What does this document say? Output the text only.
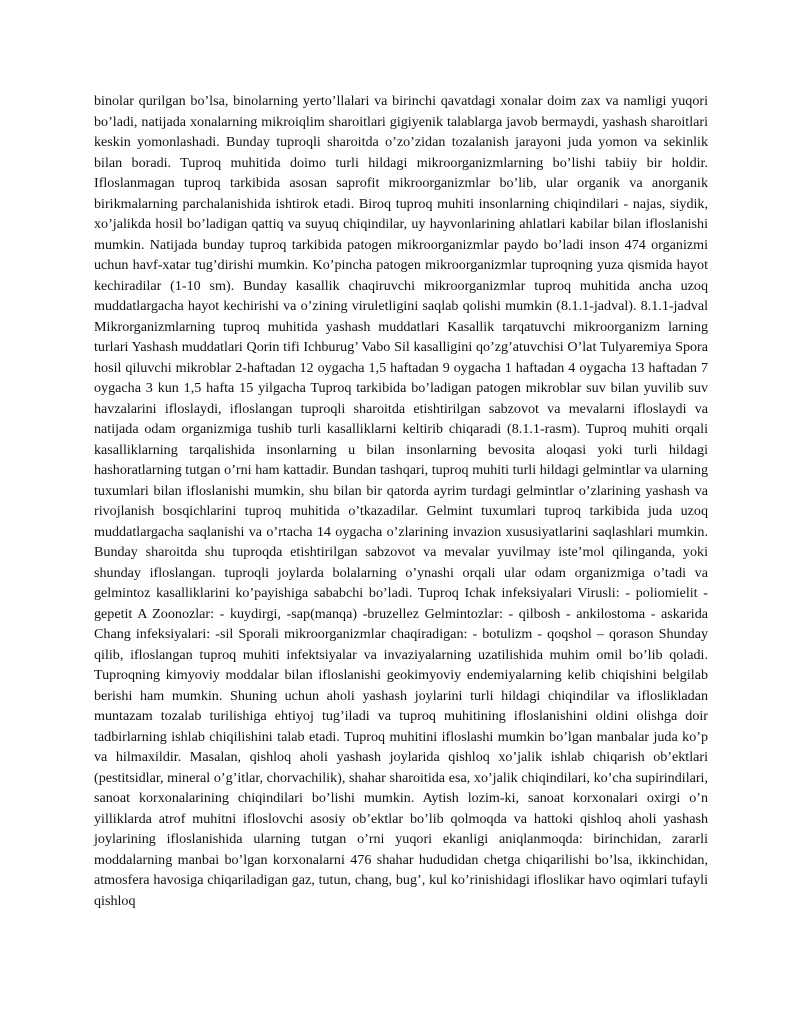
binolar qurilgan bo’lsa, binolarning yerto’llalari va birinchi qavatdagi xonalar doim zax va namligi yuqori bo’ladi, natijada xonalarning mikroiqlim sharoitlari gigiyenik talablarga javob bermaydi, yashash sharoitlari keskin yomonlashadi. Bunday tuproqli sharoitda o’zo’zidan tozalanish jarayoni juda yomon va sekinlik bilan boradi. Tuproq muhitida doimo turli hildagi mikroorganizmlarning bo’lishi tabiiy bir holdir. Ifloslanmagan tuproq tarkibida asosan saprofit mikroorganizmlar bo’lib, ular organik va anorganik birikmalarning parchalanishida ishtirok etadi. Biroq tuproq muhiti insonlarning chiqindilari - najas, siydik, xo’jalikda hosil bo’ladigan qattiq va suyuq chiqindilar, uy hayvonlarining ahlatlari kabilar bilan ifloslanishi mumkin. Natijada bunday tuproq tarkibida patogen mikroorganizmlar paydo bo’ladi inson 474 organizmi uchun havf-xatar tug’dirishi mumkin. Ko’pincha patogen mikroorganizmlar tuproqning yuza qismida hayot kechiradilar (1-10 sm). Bunday kasallik chaqiruvchi mikroorganizmlar tuproq muhitida ancha uzoq muddatlargacha hayot kechirishi va o’zining viruletligini saqlab qolishi mumkin (8.1.1-jadval). 8.1.1-jadval Mikrorganizmlarning tuproq muhitida yashash muddatlari Kasallik tarqatuvchi mikroorganizm larning turlari Yashash muddatlari Qorin tifi Ichburug’ Vabo Sil kasalligini qo’zg’atuvchisi O’lat Tulyaremiya Spora hosil qiluvchi mikroblar 2-haftadan 12 oygacha 1,5 haftadan 9 oygacha 1 haftadan 4 oygacha 13 haftadan 7 oygacha 3 kun 1,5 hafta 15 yilgacha Tuproq tarkibida bo’ladigan patogen mikroblar suv bilan yuvilib suv havzalarini ifloslaydi, ifloslangan tuproqli sharoitda etishtirilgan sabzovot va mevalarni ifloslaydi va natijada odam organizmiga tushib turli kasalliklarni keltirib chiqaradi (8.1.1-rasm). Tuproq muhiti orqali kasalliklarning tarqalishida insonlarning u bilan insonlarning bevosita aloqasi yoki turli hildagi hashoratlarning tutgan o’rni ham kattadir. Bundan tashqari, tuproq muhiti turli hildagi gelmintlar va ularning tuxumlari bilan ifloslanishi mumkin, shu bilan bir qatorda ayrim turdagi gelmintlar o’zlarining yashash va rivojlanish bosqichlarini tuproq muhitida o’tkazadilar. Gelmint tuxumlari tuproq tarkibida juda uzoq muddatlargacha saqlanishi va o’rtacha 14 oygacha o’zlarining invazion xususiyatlarini saqlashlari mumkin. Bunday sharoitda shu tuproqda etishtirilgan sabzovot va mevalar yuvilmay iste’mol qilinganda, yoki shunday ifloslangan. tuproqli joylarda bolalarning o’ynashi orqali ular odam organizmiga o’tadi va gelmintoz kasalliklarini ko’payishiga sababchi bo’ladi. Tuproq Ichak infeksiyalari Virusli: - poliomielit - gepetit A Zoonozlar: - kuydirgi, -sap(manqa) -bruzellez Gelmintozlar: - qilbosh - ankilostoma - askarida Chang infeksiyalari: -sil Sporali mikroorganizmlar chaqiradigan: - botulizm - qoqshol – qorason Shunday qilib, ifloslangan tuproq muhiti infektsiyalar va invaziyalarning uzatilishida muhim omil bo’lib qoladi. Tuproqning kimyoviy moddalar bilan ifloslanishi geokimyoviy endemiyalarning kelib chiqishini belgilab berishi ham mumkin. Shuning uchun aholi yashash joylarini turli hildagi chiqindilar va ifloslikladan muntazam tozalab turilishiga ehtiyoj tug’iladi va tuproq muhitining ifloslanishini oldini olishga doir tadbirlarning ishlab chiqilishini talab etadi. Tuproq muhitini ifloslashi mumkin bo’lgan manbalar juda ko’p va hilmaxildir. Masalan, qishloq aholi yashash joylarida qishloq xo’jalik ishlab chiqarish ob’ektlari (pestitsidlar, mineral o’g’itlar, chorvachilik), shahar sharoitida esa, xo’jalik chiqindilari, ko’cha supirindilari, sanoat korxonalarining chiqindilari bo’lishi mumkin. Aytish lozim-ki, sanoat korxonalari oxirgi o’n yilliklarda atrof muhitni ifloslovchi asosiy ob’ektlar bo’lib qolmoqda va hattoki qishloq aholi yashash joylarining ifloslanishida ularning tutgan o’rni yuqori ekanligi aniqlanmoqda: birinchidan, zararli moddalarning manbai bo’lgan korxonalarni 476 shahar hududidan chetga chiqarilishi bo’lsa, ikkinchidan, atmosfera havosiga chiqariladigan gaz, tutun, chang, bug’, kul ko’rinishidagi ifloslikar havo oqimlari tufayli qishloq
